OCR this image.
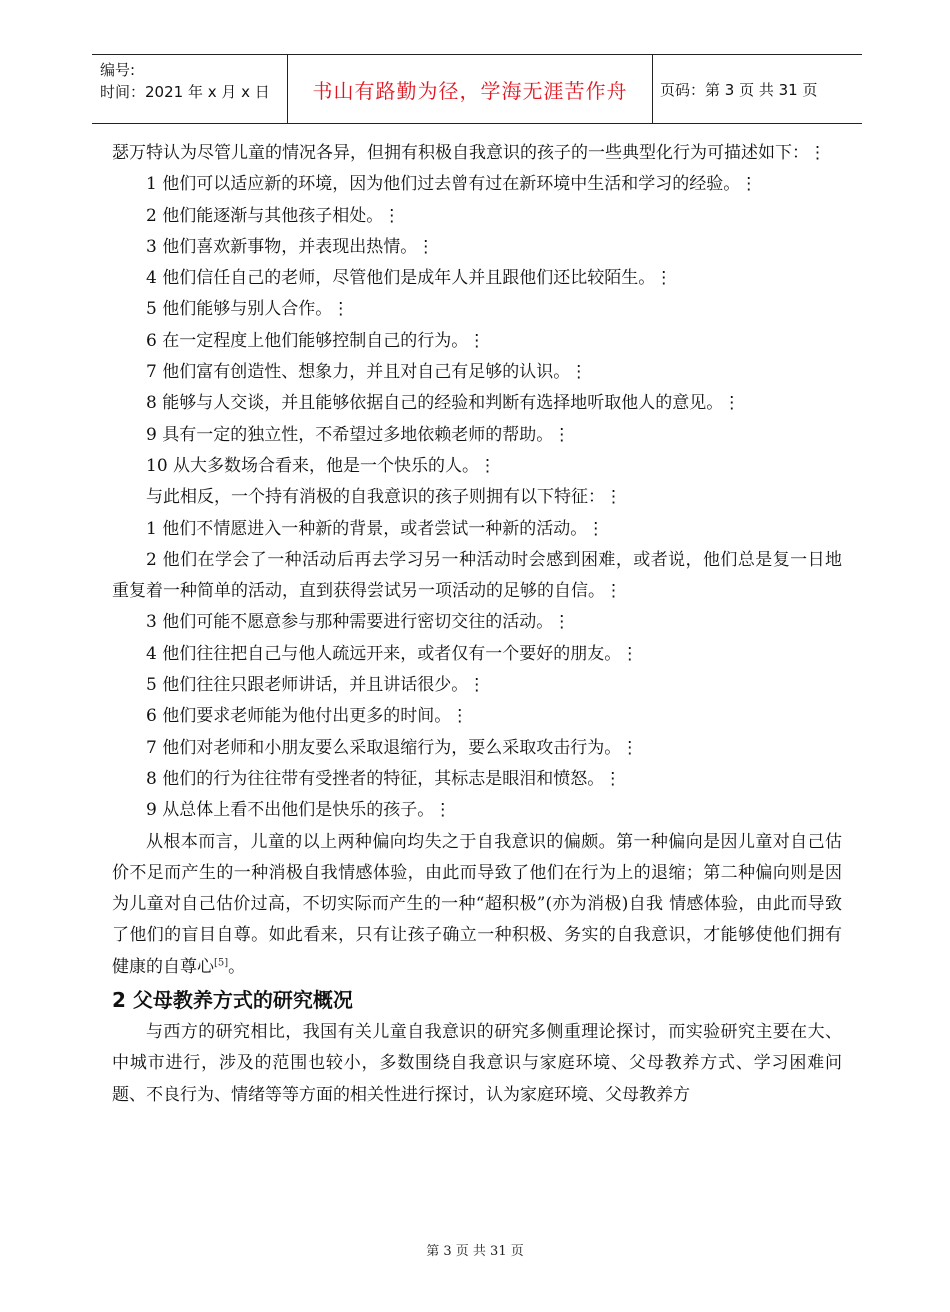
编号:
时间：2021 年 x 月 x 日 书山有路勤为径，学海无涯苦作舟 页码：第 3 页 共 31 页

瑟万特认为尽管儿童的情况各异，但拥有积极自我意识的孩子的一些典型化行为可描述如下：⋮

1 他们可以适应新的环境，因为他们过去曾有过在新环境中生活和学习的经验。⋮

2 他们能逐渐与其他孩子相处。⋮

3 他们喜欢新事物，并表现出热情。⋮

4 他们信任自己的老师，尽管他们是成年人并且跟他们还比较陌生。⋮

5 他们能够与别人合作。⋮

6 在一定程度上他们能够控制自己的行为。⋮

7 他们富有创造性、想象力，并且对自己有足够的认识。⋮

8 能够与人交谈，并且能够依据自己的经验和判断有选择地听取他人的意见。⋮

9 具有一定的独立性，不希望过多地依赖老师的帮助。⋮

10 从大多数场合看来，他是一个快乐的人。⋮

与此相反，一个持有消极的自我意识的孩子则拥有以下特征：⋮

1 他们不情愿进入一种新的背景，或者尝试一种新的活动。⋮

2 他们在学会了一种活动后再去学习另一种活动时会感到困难，或者说，他们总是复一日地重复着一种简单的活动，直到获得尝试另一项活动的足够的自信。⋮

3 他们可能不愿意参与那种需要进行密切交往的活动。⋮

4 他们往往把自己与他人疏远开来，或者仅有一个要好的朋友。⋮

5 他们往往只跟老师讲话，并且讲话很少。⋮

6 他们要求老师能为他付出更多的时间。⋮

7 他们对老师和小朋友要么采取退缩行为，要么采取攻击行为。⋮

8 他们的行为往往带有受挫者的特征，其标志是眼泪和愤怒。⋮

9 从总体上看不出他们是快乐的孩子。⋮

从根本而言，儿童的以上两种偏向均失之于自我意识的偏颇。第一种偏向是因儿童对自己估价不足而产生的一种消极自我情感体验，由此而导致了他们在行为上的退缩；第二种偏向则是因为儿童对自己估价过高，不切实际而产生的一种“超积极”(亦为消极)自我 情感体验，由此而导致了他们的盲目自尊。如此看来，只有让孩子确立一种积极、务实的自我意识，才能够使他们拥有健康的自尊心[5]。

2 父母教养方式的研究概况

与西方的研究相比，我国有关儿童自我意识的研究多侧重理论探讨，而实验研究主要在大、中城市进行，涉及的范围也较小，多数围绕自我意识与家庭环境、父母教养方式、学习困难问题、不良行为、情绪等等方面的相关性进行探讨，认为家庭环境、父母教养方

第 3 页 共 31 页
